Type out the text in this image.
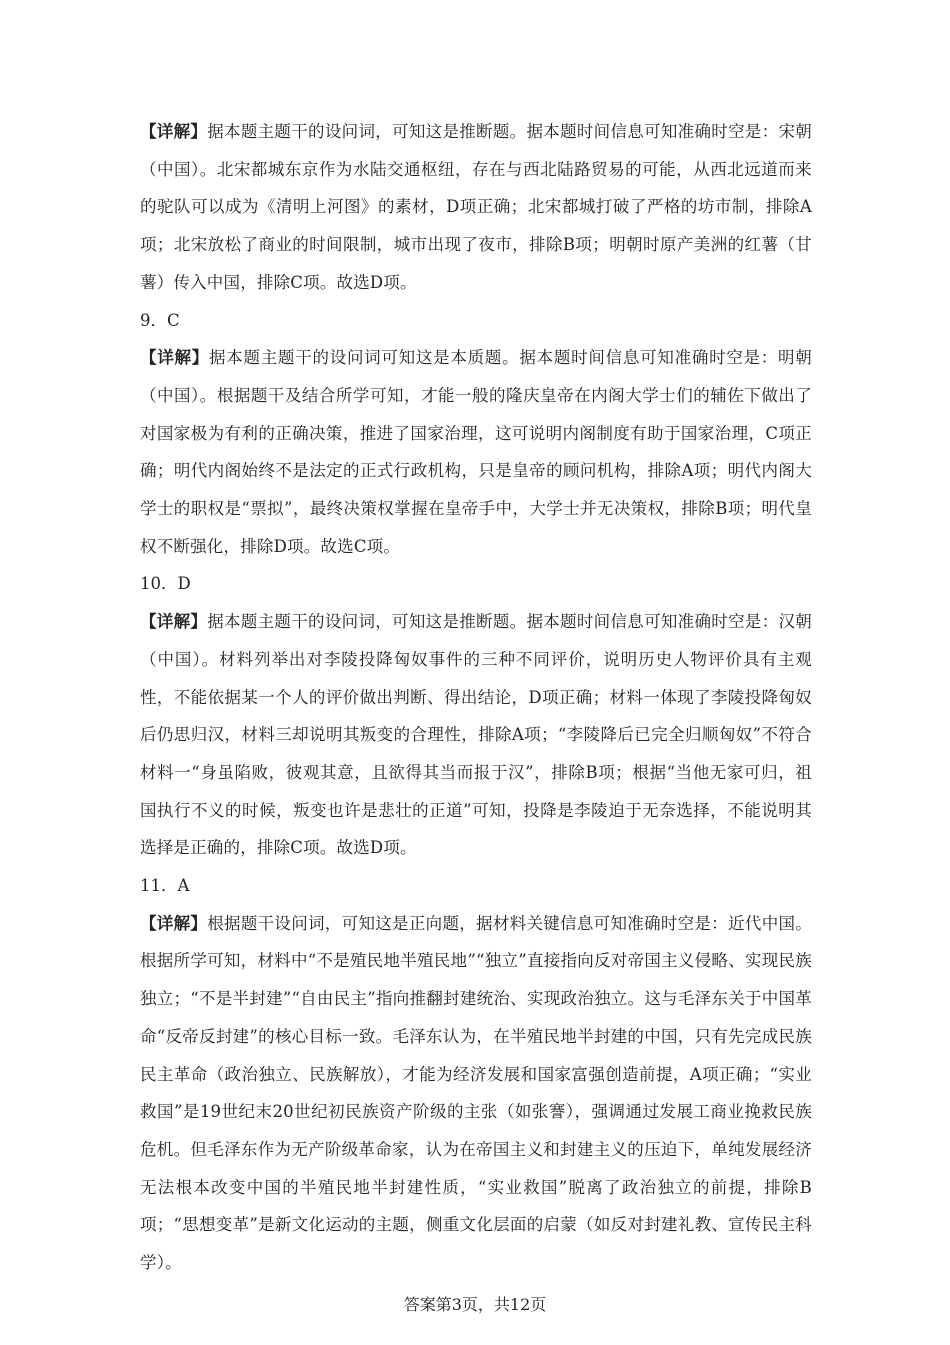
【详解】据本题主题干的设问词，可知这是推断题。据本题时间信息可知准确时空是：宋朝（中国）。北宋都城东京作为水陆交通枢纽，存在与西北陆路贸易的可能，从西北远道而来的驼队可以成为《清明上河图》的素材，D项正确；北宋都城打破了严格的坊市制，排除A项；北宋放松了商业的时间限制，城市出现了夜市，排除B项；明朝时原产美洲的红薯（甘薯）传入中国，排除C项。故选D项。

9．C

【详解】据本题主题干的设问词可知这是本质题。据本题时间信息可知准确时空是：明朝（中国）。根据题干及结合所学可知，才能一般的隆庆皇帝在内阁大学士们的辅佐下做出了对国家极为有利的正确决策，推进了国家治理，这可说明内阁制度有助于国家治理，C项正确；明代内阁始终不是法定的正式行政机构，只是皇帝的顾问机构，排除A项；明代内阁大学士的职权是“票拟”，最终决策权掌握在皇帝手中，大学士并无决策权，排除B项；明代皇权不断强化，排除D项。故选C项。

10．D

【详解】据本题主题干的设问词，可知这是推断题。据本题时间信息可知准确时空是：汉朝（中国）。材料列举出对李陵投降匈奴事件的三种不同评价，说明历史人物评价具有主观性，不能依据某一个人的评价做出判断、得出结论，D项正确；材料一体现了李陵投降匈奴后仍思归汉，材料三却说明其叛变的合理性，排除A项；“李陵降后已完全归顺匈奴”不符合材料一“身虽陷败，彼观其意，且欲得其当而报于汉”，排除B项；根据“当他无家可归，祖国执行不义的时候，叛变也许是悲壮的正道”可知，投降是李陵迫于无奈选择，不能说明其选择是正确的，排除C项。故选D项。

11．A

【详解】根据题干设问词，可知这是正向题，据材料关键信息可知准确时空是：近代中国。根据所学可知，材料中“不是殖民地半殖民地”“独立”直接指向反对帝国主义侵略、实现民族独立；“不是半封建”“自由民主”指向推翻封建统治、实现政治独立。这与毛泽东关于中国革命“反帝反封建”的核心目标一致。毛泽东认为，在半殖民地半封建的中国，只有先完成民族民主革命（政治独立、民族解放），才能为经济发展和国家富强创造前提，A项正确；“实业救国”是19世纪末20世纪初民族资产阶级的主张（如张謇），强调通过发展工商业挽救民族危机。但毛泽东作为无产阶级革命家，认为在帝国主义和封建主义的压迫下，单纯发展经济无法根本改变中国的半殖民地半封建性质，“实业救国”脱离了政治独立的前提，排除B项；“思想变革”是新文化运动的主题，侧重文化层面的启蒙（如反对封建礼教、宣传民主科学）。

答案第3页，共12页
